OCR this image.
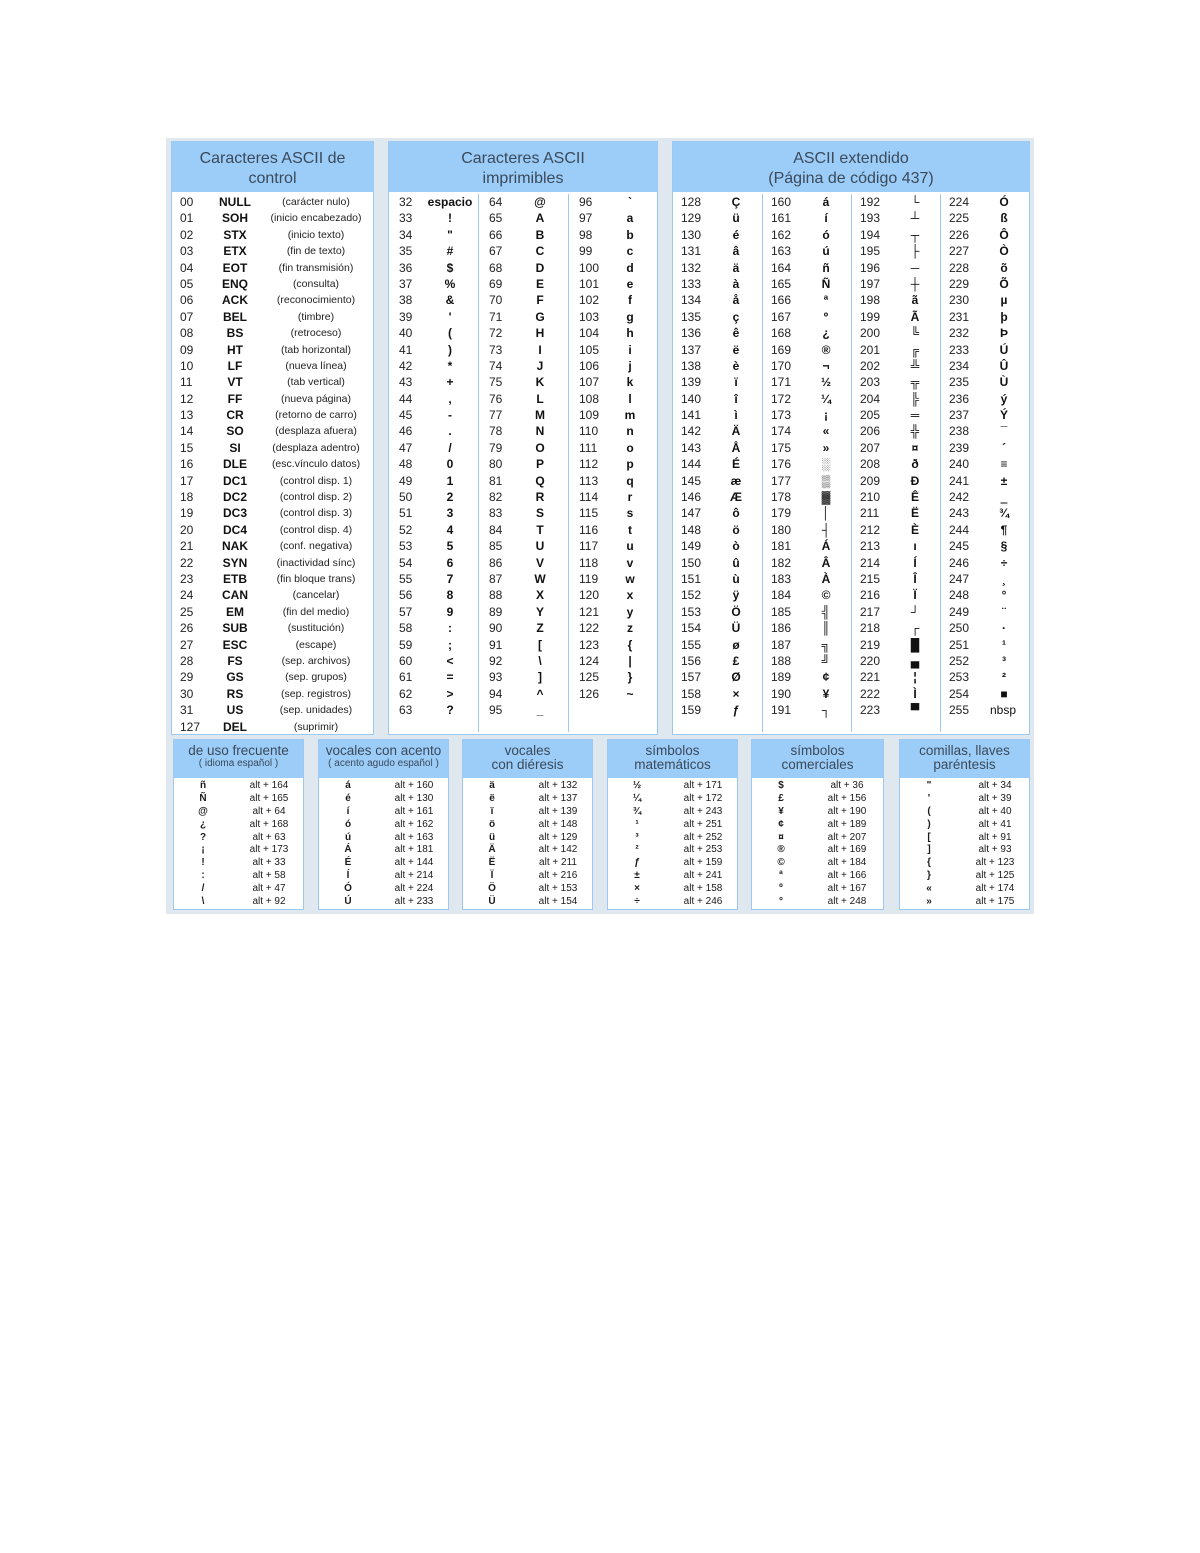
Caracteres ASCII de
control
00	NULL	(carácter nulo)
01	SOH	(inicio encabezado)
02	STX	(inicio texto)
03	ETX	(fin de texto)
04	EOT	(fin transmisión)
05	ENQ	(consulta)
06	ACK	(reconocimiento)
07	BEL	(timbre)
08	BS	(retroceso)
09	HT	(tab horizontal)
10	LF	(nueva línea)
11	VT	(tab vertical)
12	FF	(nueva página)
13	CR	(retorno de carro)
14	SO	(desplaza afuera)
15	SI	(desplaza adentro)
16	DLE	(esc.vínculo datos)
17	DC1	(control disp. 1)
18	DC2	(control disp. 2)
19	DC3	(control disp. 3)
20	DC4	(control disp. 4)
21	NAK	(conf. negativa)
22	SYN	(inactividad sínc)
23	ETB	(fin bloque trans)
24	CAN	(cancelar)
25	EM	(fin del medio)
26	SUB	(sustitución)
27	ESC	(escape)
28	FS	(sep. archivos)
29	GS	(sep. grupos)
30	RS	(sep. registros)
31	US	(sep. unidades)
127	DEL	(suprimir)
Caracteres ASCII
imprimibles
32 espacio
33	!
34	"
35	#
36	$
37	%
38	&
39	'
40	(
41	)
42	*
43	+
44	,
45	-
46	.
47	/
48	0
49	1
50	2
51	3
52	4
53	5
54	6
55	7
56	8
57	9
58	:
59	;
60	<
61	=
62	>
63	?
64	@
65	A
66	B
67	C
68	D
69	E
70	F
71	G
72	H
73	I
74	J
75	K
76	L
77	M
78	N
79	O
80	P
81	Q
82	R
83	S
84	T
85	U
86	V
87	W
88	X
89	Y
90	Z
91	[
92	\
93	]
94	^
95	_
96	`
97	a
98	b
99	c
100	d
101	e
102	f
103	g
104	h
105	i
106	j
107	k
108	l
109	m
110	n
111	o
112	p
113	q
114	r
115	s
116	t
117	u
118	v
119	w
120	x
121	y
122	z
123	{
124	|
125	}
126	~
ASCII extendido
(Página de código 437)
128	Ç
129	ü
130	é
131	â
132	ä
133	à
134	å
135	ç
136	ê
137	ë
138	è
139	ï
140	î
141	ì
142	Ä
143	Å
144	É
145	æ
146	Æ
147	ô
148	ö
149	ò
150	û
151	ù
152	ÿ
153	Ö
154	Ü
155	ø
156	£
157	Ø
158	×
159	ƒ
160	á
161	í
162	ó
163	ú
164	ñ
165	Ñ
166	ª
167	º
168	¿
169	®
170	¬
171	½
172	¼
173	¡
174	«
175	»
176	░
177	▒
178	▓
179	│
180	┤
181	Á
182	Â
183	À
184	©
185	╣
186	║
187	╗
188	╝
189	¢
190	¥
191	┐
192	└
193	┴
194	┬
195	├
196	─
197	┼
198	ã
199	Ã
200	╚
201	╔
202	╩
203	╦
204	╠
205	═
206	╬
207	¤
208	ð
209	Ð
210	Ê
211	Ë
212	È
213	ı
214	Í
215	Î
216	Ï
217	┘
218	┌
219	█
220	▄
221	¦
222	Ì
223	▀
224	Ó
225	ß
226	Ô
227	Ò
228	õ
229	Õ
230	µ
231	þ
232	Þ
233	Ú
234	Û
235	Ù
236	ý
237	Ý
238	¯
239	´
240	≡
241	±
242	‗
243	¾
244	¶
245	§
246	÷
247	¸
248	°
249	¨
250	·
251	¹
252	³
253	²
254	■
255	nbsp
de uso frecuente
( idioma español )
ñ	alt + 164
Ñ	alt + 165
@	alt + 64
¿	alt + 168
?	alt + 63
¡	alt + 173
!	alt + 33
:	alt + 58
/	alt + 47
\	alt + 92
vocales con acento
( acento agudo español )
á	alt + 160
é	alt + 130
í	alt + 161
ó	alt + 162
ú	alt + 163
Á	alt + 181
É	alt + 144
Í	alt + 214
Ó	alt + 224
Ú	alt + 233
vocales
con diéresis
ä	alt + 132
ë	alt + 137
ï	alt + 139
ö	alt + 148
ü	alt + 129
Ä	alt + 142
Ë	alt + 211
Ï	alt + 216
Ö	alt + 153
Ü	alt + 154
símbolos
matemáticos
½	alt + 171
¼	alt + 172
¾	alt + 243
¹	alt + 251
³	alt + 252
²	alt + 253
ƒ	alt + 159
±	alt + 241
×	alt + 158
÷	alt + 246
símbolos
comerciales
$	alt + 36
£	alt + 156
¥	alt + 190
¢	alt + 189
¤	alt + 207
®	alt + 169
©	alt + 184
ª	alt + 166
º	alt + 167
°	alt + 248
comillas, llaves
paréntesis
"	alt + 34
'	alt + 39
(	alt + 40
)	alt + 41
[	alt + 91
]	alt + 93
{	alt + 123
}	alt + 125
«	alt + 174
»	alt + 175
